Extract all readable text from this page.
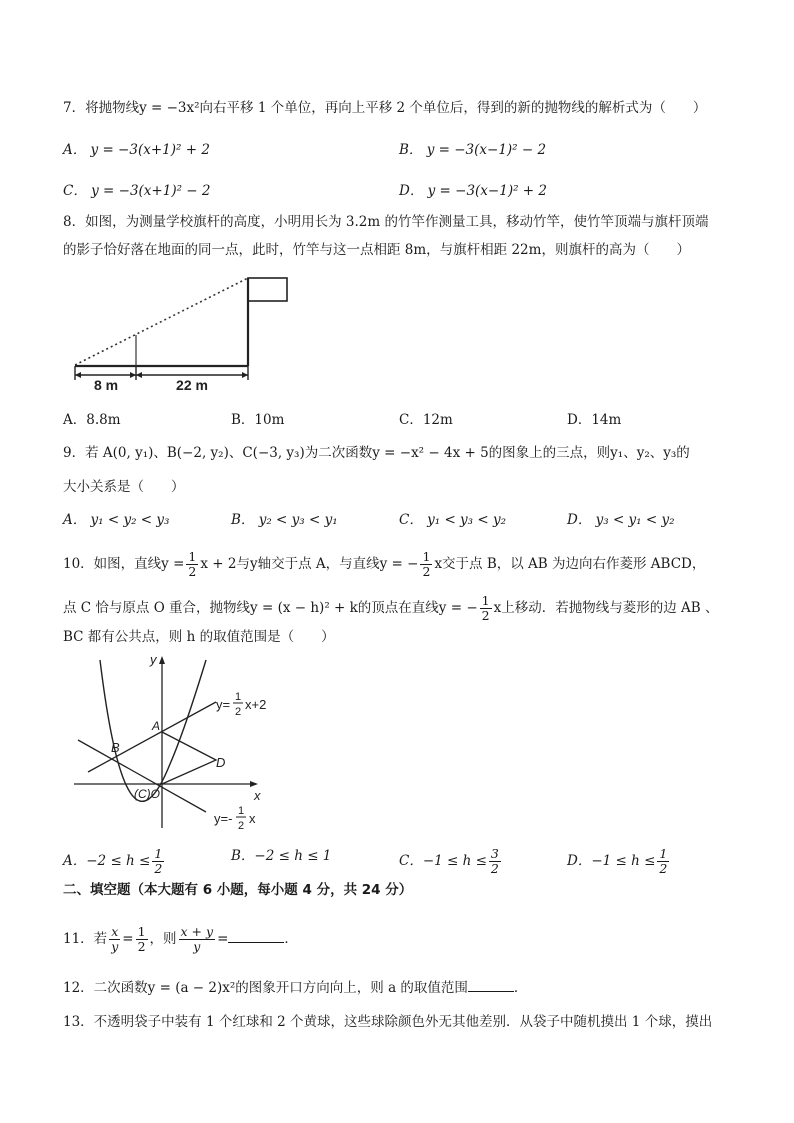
7．将抛物线y = −3x²向右平移 1 个单位，再向上平移 2 个单位后，得到的新的抛物线的解析式为（　　）
A． y = −3(x+1)² + 2	B． y = −3(x−1)² − 2
C． y = −3(x+1)² − 2	D． y = −3(x−1)² + 2
8．如图，为测量学校旗杆的高度，小明用长为 3.2m 的竹竿作测量工具，移动竹竿，使竹竿顶端与旗杆顶端
的影子恰好落在地面的同一点，此时，竹竿与这一点相距 8m，与旗杆相距 22m，则旗杆的高为（　　）
8 m	22 m
A．8.8m	B．10m	C．12m	D．14m
9．若 A(0, y₁)、B(−2, y₂)、C(−3, y₃)为二次函数y = −x² − 4x + 5的图象上的三点，则y₁、y₂、y₃的
大小关系是（　　）
A． y₁ < y₂ < y₃	B． y₂ < y₃ < y₁	C． y₁ < y₃ < y₂	D． y₃ < y₁ < y₂
10．如图，直线$y = \frac{1}{2}$ x + 2与y轴交于点 A，与直线y = − $\frac{1}{2}$ x交于点 B，以 AB 为边向右作菱形 ABCD，
点 C 恰与原点 O 重合，抛物线y = (x − h)² + k的顶点在直线y = − $\frac{1}{2}$ x上移动．若抛物线与菱形的边 AB 、
BC 都有公共点，则 h 的取值范围是（　　）
y
x
A
B
D
(C)O
y= 1
2 x+2
y=- 1
2 x
A．$-2 \le h \le \frac{1}{2}$	B．−2 ≤ h ≤ 1	C．$-1 \le h \le \frac{3}{2}$	D．$-1 \le h \le \frac{1}{2}$
二、填空题（本大题有 6 小题，每小题 4 分，共 24 分）
11．若 $\frac{x}{y} = \frac{1}{2}$ ，则 $\frac{x + y}{y}$ =	．
12．二次函数y = (a − 2)x²的图象开口方向向上，则 a 的取值范围	．
13．不透明袋子中装有 1 个红球和 2 个黄球，这些球除颜色外无其他差别．从袋子中随机摸出 1 个球，摸出
